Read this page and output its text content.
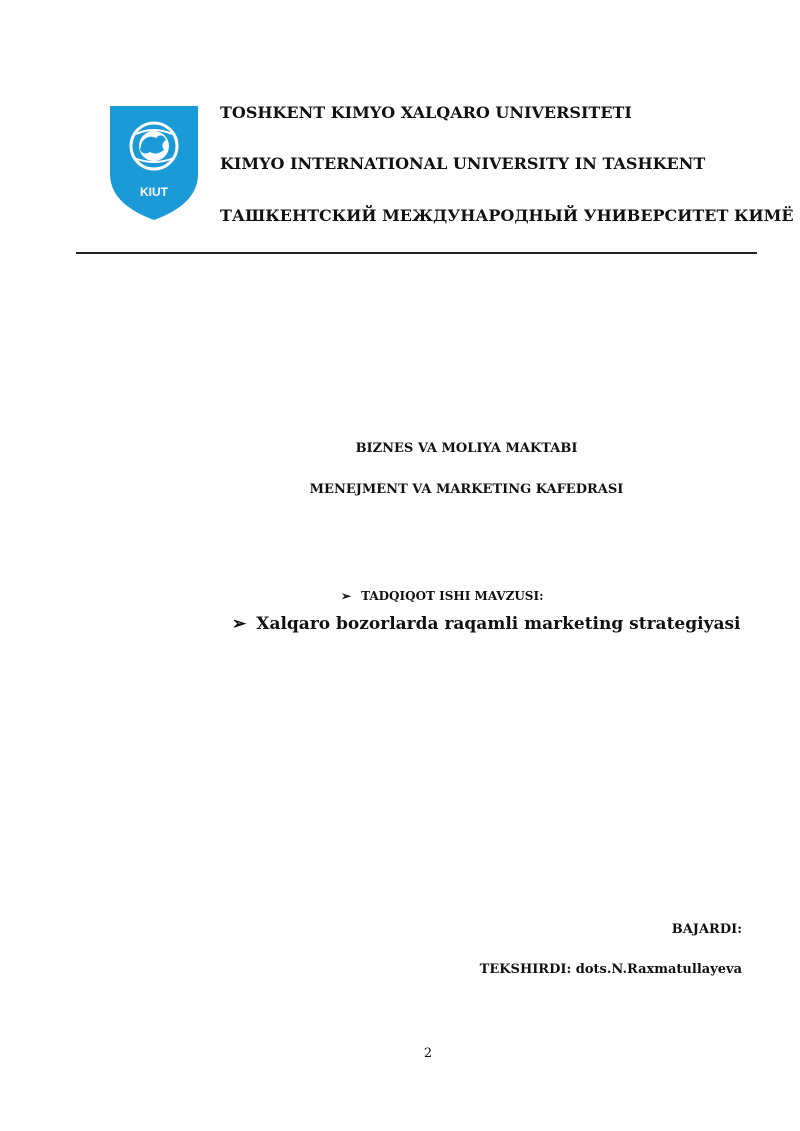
KIUT
TOSHKENT KIMYO XALQARO UNIVERSITETI
KIMYO INTERNATIONAL UNIVERSITY IN TASHKENT
ТАШКЕНТСКИЙ МЕЖДУНАРОДНЫЙ УНИВЕРСИТЕТ КИМЁ
BIZNES VA MOLIYA MAKTABI
MENEJMENT VA MARKETING KAFEDRASI
➢ TADQIQOT ISHI MAVZUSI:
➢ Xalqaro bozorlarda raqamli marketing strategiyasi
BAJARDI:
TEKSHIRDI: dots.N.Raxmatullayeva
2
